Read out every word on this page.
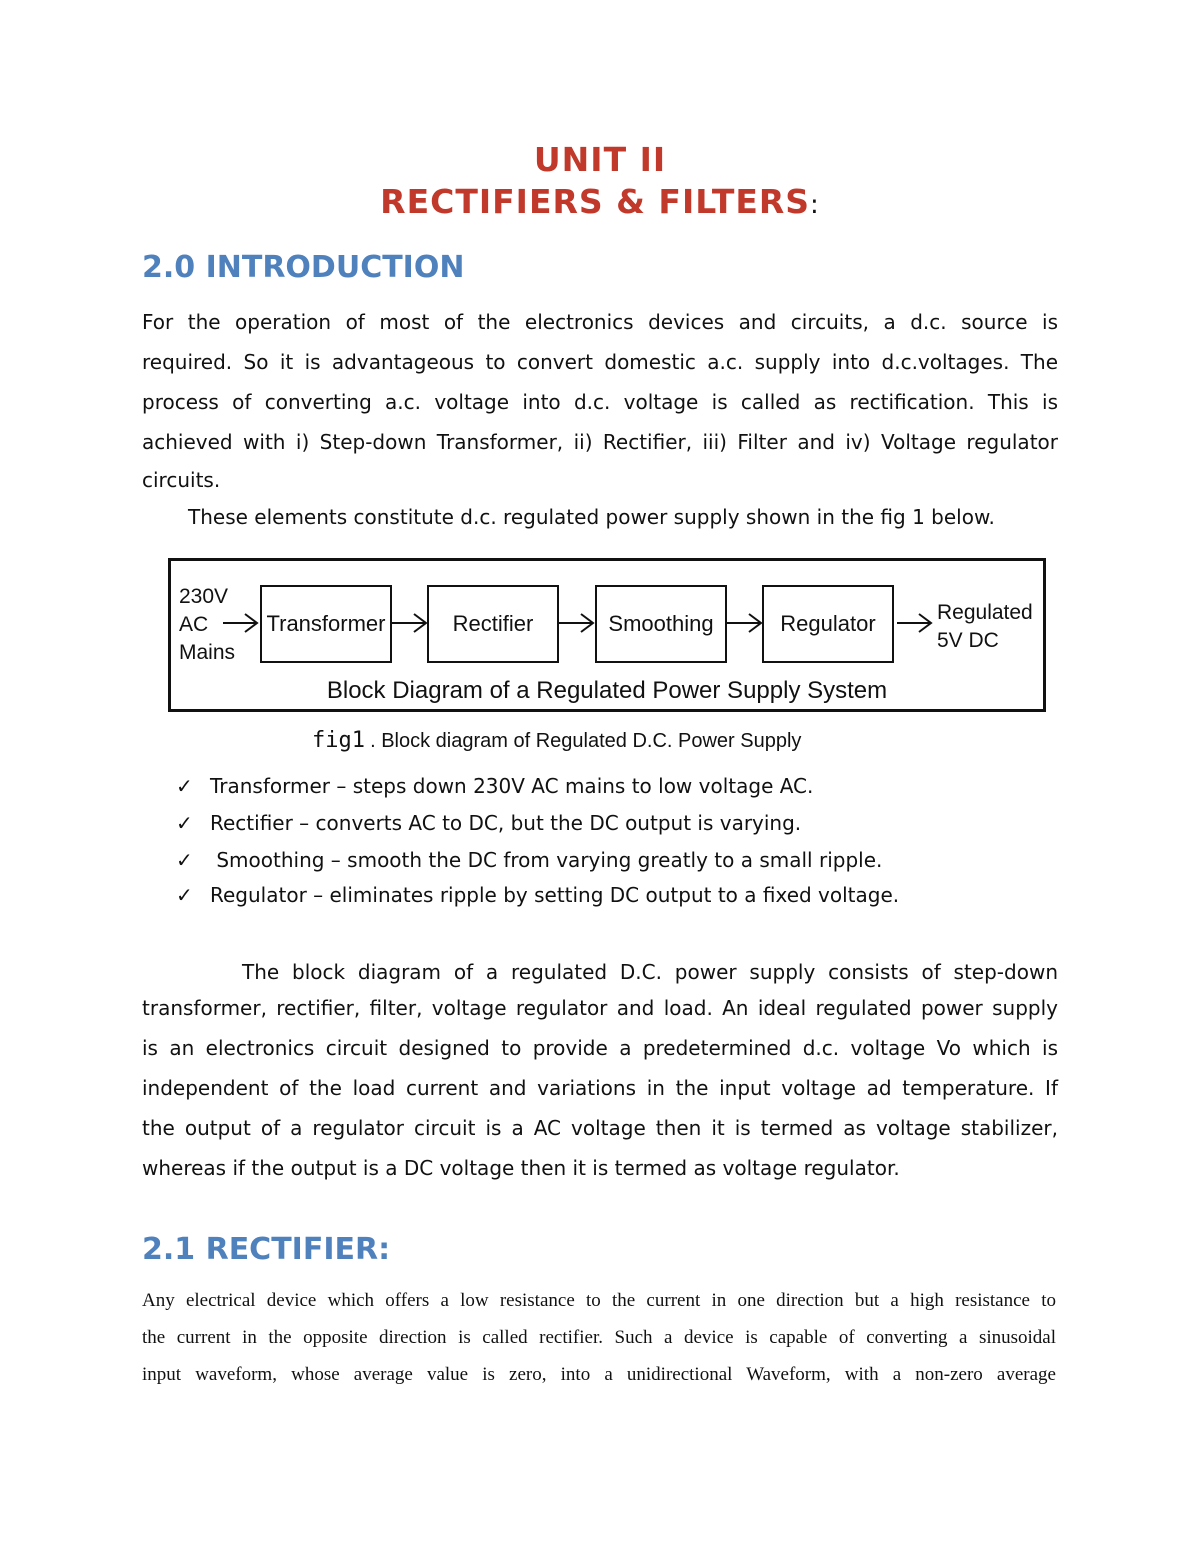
UNIT II
RECTIFIERS & FILTERS:
2.0 INTRODUCTION
For the operation of most of the electronics devices and circuits, a d.c. source is
required. So it is advantageous to convert domestic a.c. supply into d.c.voltages. The
process of converting a.c. voltage into d.c. voltage is called as rectification. This is
achieved with i) Step-down Transformer, ii) Rectifier, iii) Filter and iv) Voltage regulator
circuits.
These elements constitute d.c. regulated power supply shown in the fig 1 below.
230V
AC
Mains
Transformer	Rectifier	Smoothing	Regulator	Regulated
5V DC
Block Diagram of a Regulated Power Supply System
fig1 . Block diagram of Regulated D.C. Power Supply
✓ Transformer – steps down 230V AC mains to low voltage AC.
✓ Rectifier – converts AC to DC, but the DC output is varying.
✓ Smoothing – smooth the DC from varying greatly to a small ripple.
✓ Regulator – eliminates ripple by setting DC output to a fixed voltage.
The block diagram of a regulated D.C. power supply consists of step-down
transformer, rectifier, filter, voltage regulator and load. An ideal regulated power supply
is an electronics circuit designed to provide a predetermined d.c. voltage Vo which is
independent of the load current and variations in the input voltage ad temperature. If
the output of a regulator circuit is a AC voltage then it is termed as voltage stabilizer,
whereas if the output is a DC voltage then it is termed as voltage regulator.
2.1 RECTIFIER:
Any electrical device which offers a low resistance to the current in one direction but a high resistance to
the current in the opposite direction is called rectifier. Such a device is capable of converting a sinusoidal
input waveform, whose average value is zero, into a unidirectional Waveform, with a non-zero average
